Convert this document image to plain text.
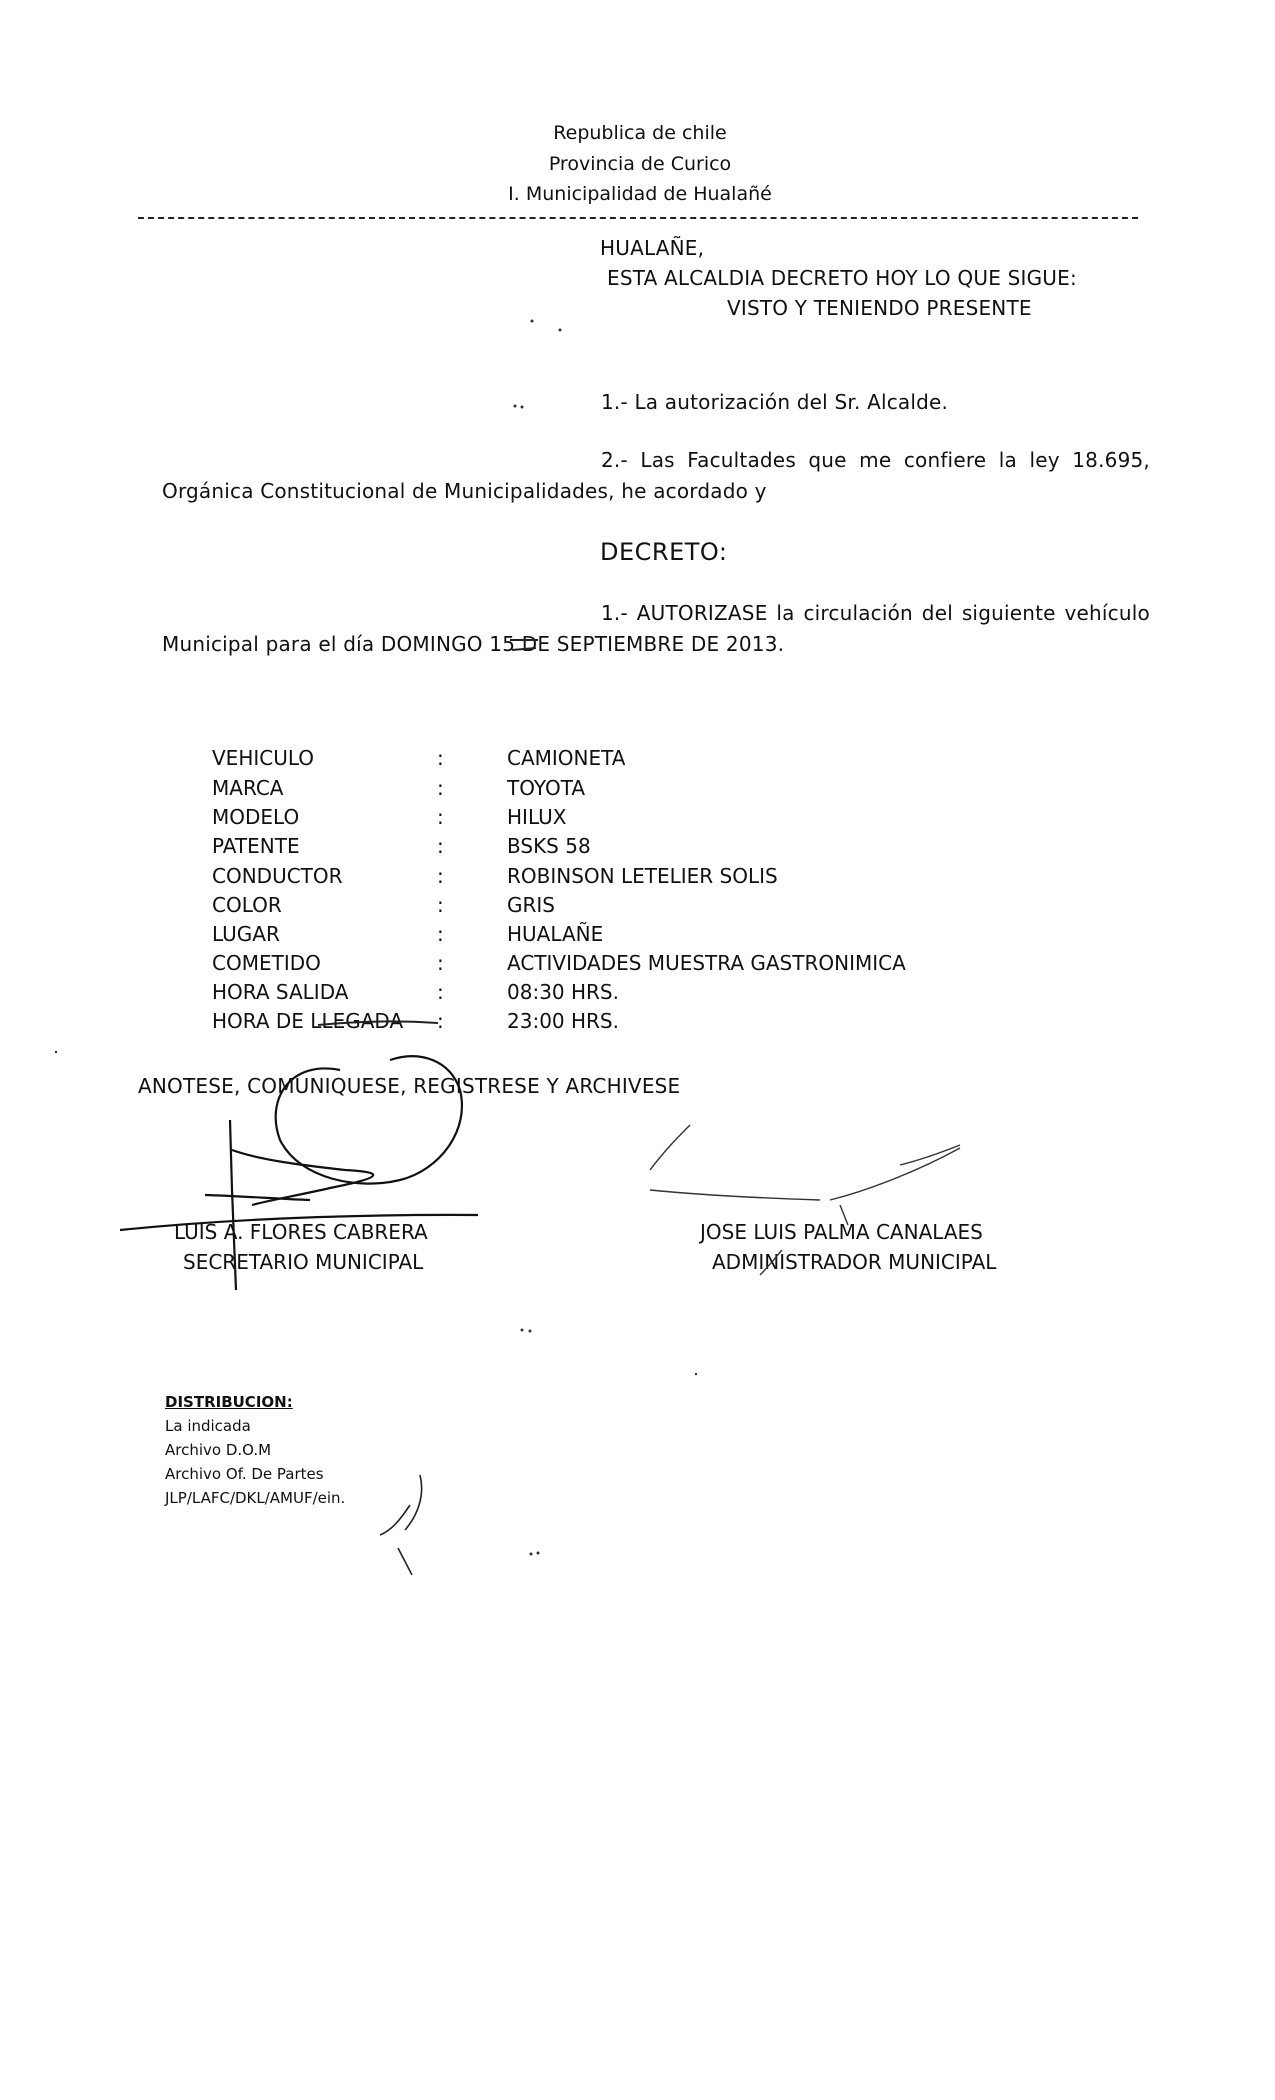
Republica de chile
Provincia de Curico
I. Municipalidad de Hualañé
HUALAÑE,
ESTA ALCALDIA DECRETO HOY LO QUE SIGUE:
VISTO Y TENIENDO PRESENTE
1.- La autorización del Sr. Alcalde.
2.- Las Facultades que me confiere la ley 18.695,
Orgánica Constitucional de Municipalidades, he acordado y
DECRETO:
1.- AUTORIZASE la circulación del siguiente vehículo
Municipal para el día DOMINGO 15 DE SEPTIEMBRE DE 2013.
VEHICULO	:	CAMIONETA
MARCA	:	TOYOTA
MODELO	:	HILUX
PATENTE	:	BSKS 58
CONDUCTOR	:	ROBINSON LETELIER SOLIS
COLOR	:	GRIS
LUGAR	:	HUALAÑE
COMETIDO	:	ACTIVIDADES MUESTRA GASTRONIMICA
HORA SALIDA	:	08:30 HRS.
HORA DE LLEGADA	:	23:00 HRS.
ANOTESE, COMUNIQUESE, REGISTRESE Y ARCHIVESE
LUIS A. FLORES CABRERA
SECRETARIO MUNICIPAL
JOSE LUIS PALMA CANALAES
ADMINISTRADOR MUNICIPAL
DISTRIBUCION:
La indicada
Archivo D.O.M
Archivo Of. De Partes
JLP/LAFC/DKL/AMUF/ein.
